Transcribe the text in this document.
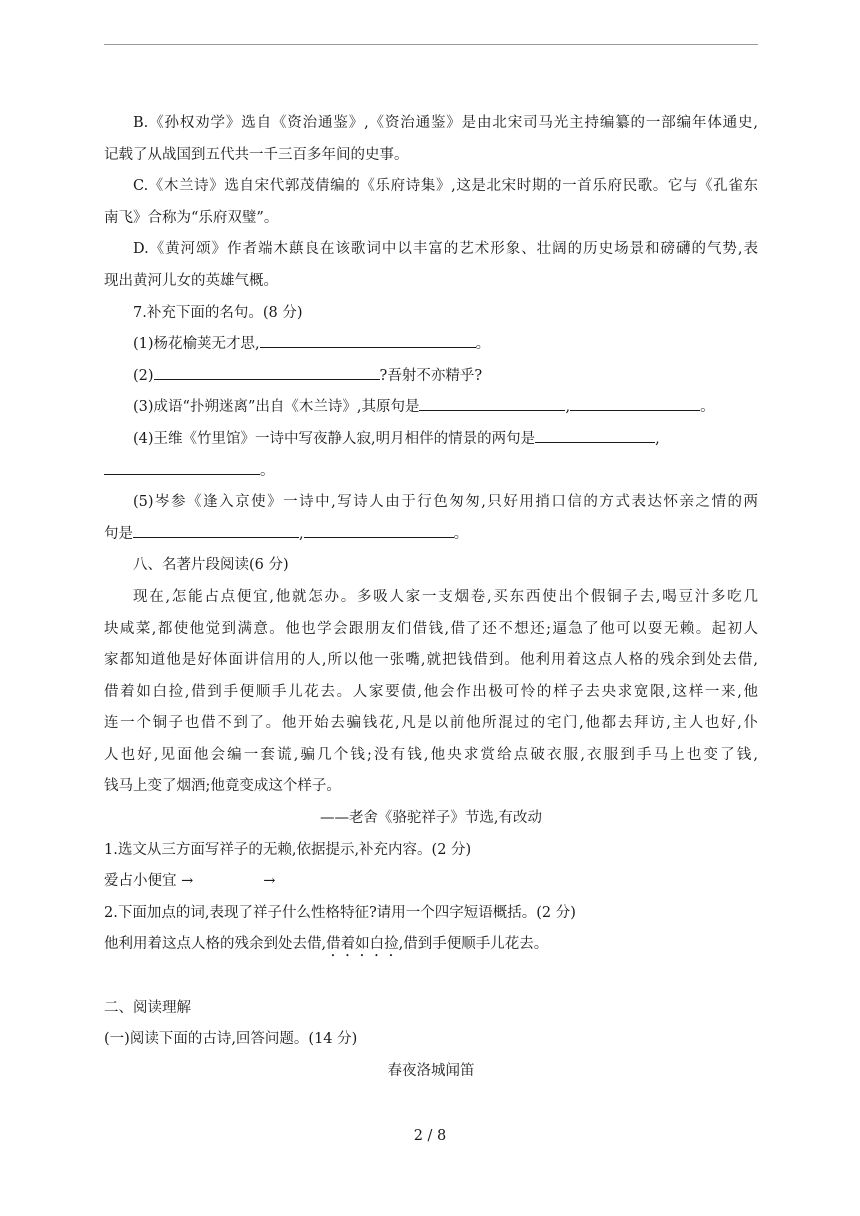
B.《孙权劝学》选自《资治通鉴》,《资治通鉴》是由北宋司马光主持编纂的一部编年体通史,

记载了从战国到五代共一千三百多年间的史事。

C.《木兰诗》选自宋代郭茂倩编的《乐府诗集》,这是北宋时期的一首乐府民歌。它与《孔雀东

南飞》合称为“乐府双璧”。

D.《黄河颂》作者端木蕻良在该歌词中以丰富的艺术形象、壮阔的历史场景和磅礴的气势,表

现出黄河儿女的英雄气概。

7.补充下面的名句。(8 分)

(1)杨花榆荚无才思,	。

(2)	?吾射不亦精乎?

(3)成语“扑朔迷离”出自《木兰诗》,其原句是	,	。

(4)王维《竹里馆》一诗中写夜静人寂,明月相伴的情景的两句是	,

。

(5)岑参《逢入京使》一诗中,写诗人由于行色匆匆,只好用捎口信的方式表达怀亲之情的两

句是	,	。

八、名著片段阅读(6 分)

现在,怎能占点便宜,他就怎办。多吸人家一支烟卷,买东西使出个假铜子去,喝豆汁多吃几

块咸菜,都使他觉到满意。他也学会跟朋友们借钱,借了还不想还;逼急了他可以耍无赖。起初人

家都知道他是好体面讲信用的人,所以他一张嘴,就把钱借到。他利用着这点人格的残余到处去借,

借着如白捡,借到手便顺手儿花去。人家要债,他会作出极可怜的样子去央求宽限,这样一来,他

连一个铜子也借不到了。他开始去骗钱花,凡是以前他所混过的宅门,他都去拜访,主人也好,仆

人也好,见面他会编一套谎,骗几个钱;没有钱,他央求赏给点破衣服,衣服到手马上也变了钱,

钱马上变了烟酒;他竟变成这个样子。

——老舍《骆驼祥子》节选,有改动

1.选文从三方面写祥子的无赖,依据提示,补充内容。(2 分)

爱占小便宜 →	→

2.下面加点的词,表现了祥子什么性格特征?请用一个四字短语概括。(2 分)

他利用着这点人格的残余到处去借,借着如白捡,借到手便顺手儿花去。

二、阅读理解

(一)阅读下面的古诗,回答问题。(14 分)

春夜洛城闻笛

2 / 8
